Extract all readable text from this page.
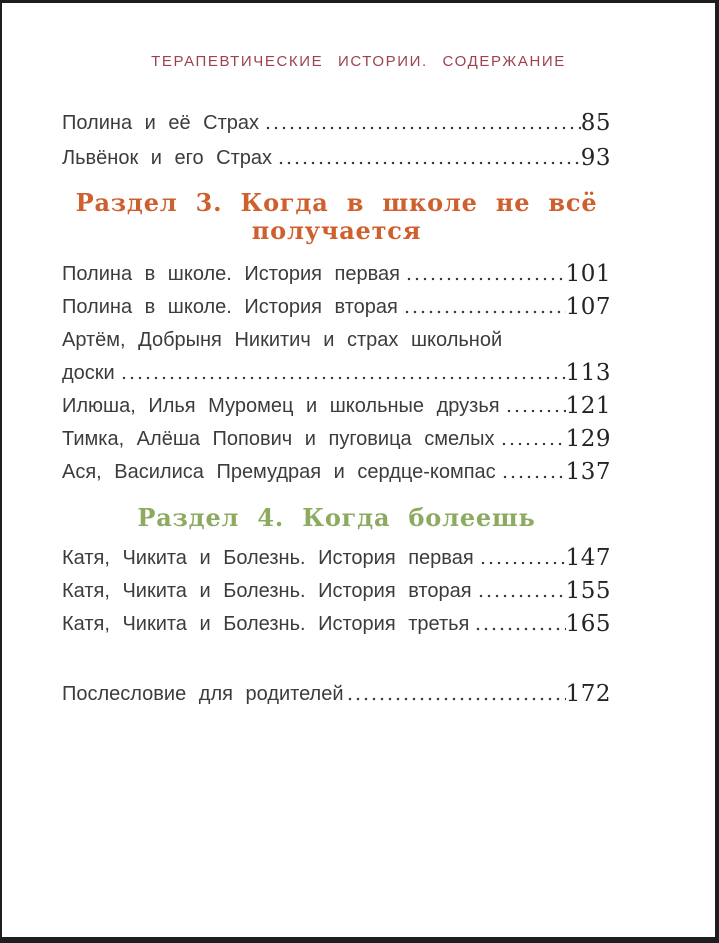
ТЕРАПЕВТИЧЕСКИЕ ИСТОРИИ. СОДЕРЖАНИЕ
Полина и её Страх	85
Львёнок и его Страх	93
Раздел 3. Когда в школе не всё получается
Полина в школе. История первая	101
Полина в школе. История вторая	107
Артём, Добрыня Никитич и страх школьной
доски	113
Илюша, Илья Муромец и школьные друзья	121
Тимка, Алёша Попович и пуговица смелых	129
Ася, Василиса Премудрая и сердце-компас	137
Раздел 4. Когда болеешь
Катя, Чикита и Болезнь. История первая	147
Катя, Чикита и Болезнь. История вторая	155
Катя, Чикита и Болезнь. История третья	165
Послесловие для родителей	172
